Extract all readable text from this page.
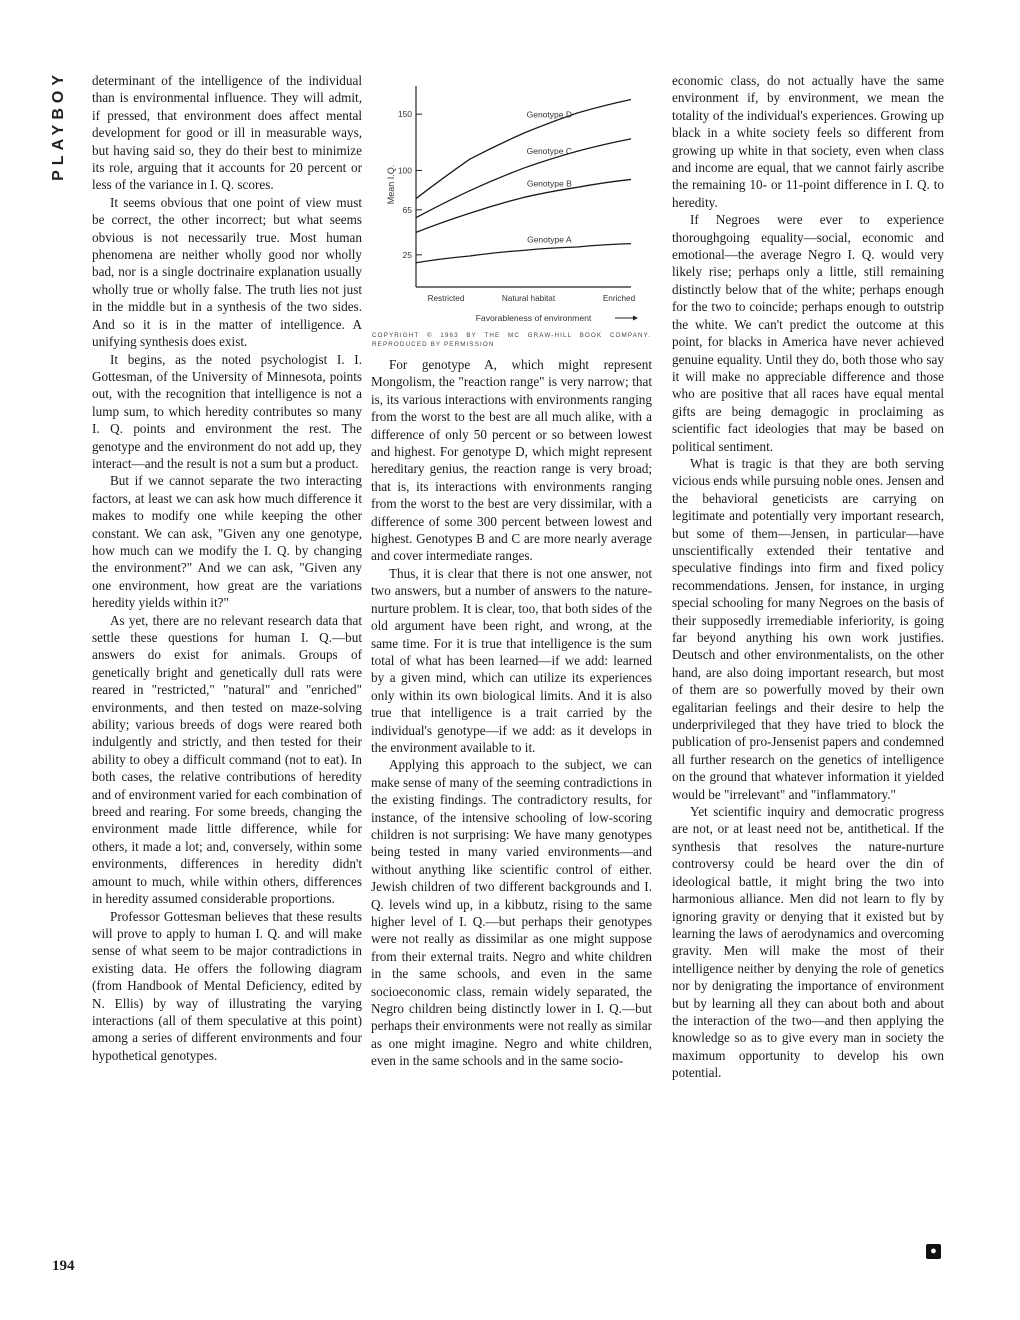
PLAYBOY
194

determinant of the intelligence of the individual than is environmental influence. They will admit, if pressed, that environment does affect mental development for good or ill in measurable ways, but having said so, they do their best to minimize its role, arguing that it accounts for 20 percent or less of the variance in I. Q. scores.

It seems obvious that one point of view must be correct, the other incorrect; but what seems obvious is not necessarily true. Most human phenomena are neither wholly good nor wholly bad, nor is a single doctrinaire explanation usually wholly true or wholly false. The truth lies not just in the middle but in a synthesis of the two sides. And so it is in the matter of intelligence. A unifying synthesis does exist.

It begins, as the noted psychologist I. I. Gottesman, of the University of Minnesota, points out, with the recognition that intelligence is not a lump sum, to which heredity contributes so many I. Q. points and environment the rest. The genotype and the environment do not add up, they interact—and the result is not a sum but a product.

But if we cannot separate the two interacting factors, at least we can ask how much difference it makes to modify one while keeping the other constant. We can ask, "Given any one genotype, how much can we modify the I. Q. by changing the environment?" And we can ask, "Given any one environment, how great are the variations heredity yields within it?"

As yet, there are no relevant research data that settle these questions for human I. Q.—but answers do exist for animals. Groups of genetically bright and genetically dull rats were reared in "restricted," "natural" and "enriched" environments, and then tested on maze-solving ability; various breeds of dogs were reared both indulgently and strictly, and then tested for their ability to obey a difficult command (not to eat). In both cases, the relative contributions of heredity and of environment varied for each combination of breed and rearing. For some breeds, changing the environment made little difference, while for others, it made a lot; and, conversely, within some environments, differences in heredity didn't amount to much, while within others, differences in heredity assumed considerable proportions.

Professor Gottesman believes that these results will prove to apply to human I. Q. and will make sense of what seem to be major contradictions in existing data. He offers the following diagram (from Handbook of Mental Deficiency, edited by N. Ellis) by way of illustrating the varying interactions (all of them speculative at this point) among a series of different environments and four hypothetical genotypes.

25
65
100
150
Mean I.Q.
Restricted	Natural habitat	Enriched
Favorableness of environment
Genotype D
Genotype C
Genotype B
Genotype A
COPYRIGHT © 1963 BY THE MC GRAW-HILL BOOK COMPANY. REPRODUCED BY PERMISSION

For genotype A, which might represent Mongolism, the "reaction range" is very narrow; that is, its various interactions with environments ranging from the worst to the best are all much alike, with a difference of only 50 percent or so between lowest and highest. For genotype D, which might represent hereditary genius, the reaction range is very broad; that is, its interactions with environments ranging from the worst to the best are very dissimilar, with a difference of some 300 percent between lowest and highest. Genotypes B and C are more nearly average and cover intermediate ranges.

Thus, it is clear that there is not one answer, not two answers, but a number of answers to the nature-nurture problem. It is clear, too, that both sides of the old argument have been right, and wrong, at the same time. For it is true that intelligence is the sum total of what has been learned—if we add: learned by a given mind, which can utilize its experiences only within its own biological limits. And it is also true that intelligence is a trait carried by the individual's genotype—if we add: as it develops in the environment available to it.

Applying this approach to the subject, we can make sense of many of the seeming contradictions in the existing findings. The contradictory results, for instance, of the intensive schooling of low-scoring children is not surprising: We have many genotypes being tested in many varied environments—and without anything like scientific control of either. Jewish children of two different backgrounds and I. Q. levels wind up, in a kibbutz, rising to the same higher level of I. Q.—but perhaps their genotypes were not really as dissimilar as one might suppose from their external traits. Negro and white children in the same schools, and even in the same socioeconomic class, remain widely separated, the Negro children being distinctly lower in I. Q.—but perhaps their environments were not really as similar as one might imagine. Negro and white children, even in the same schools and in the same socio-

economic class, do not actually have the same environment if, by environment, we mean the totality of the individual's experiences. Growing up black in a white society feels so different from growing up white in that society, even when class and income are equal, that we cannot fairly ascribe the remaining 10- or 11-point difference in I. Q. to heredity.

If Negroes were ever to experience thoroughgoing equality—social, economic and emotional—the average Negro I. Q. would very likely rise; perhaps only a little, still remaining distinctly below that of the white; perhaps enough for the two to coincide; perhaps enough to outstrip the white. We can't predict the outcome at this point, for blacks in America have never achieved genuine equality. Until they do, both those who say it will make no appreciable difference and those who are positive that all races have equal mental gifts are being demagogic in proclaiming as scientific fact ideologies that may be based on political sentiment.

What is tragic is that they are both serving vicious ends while pursuing noble ones. Jensen and the behavioral geneticists are carrying on legitimate and potentially very important research, but some of them—Jensen, in particular—have unscientifically extended their tentative and speculative findings into firm and fixed policy recommendations. Jensen, for instance, in urging special schooling for many Negroes on the basis of their supposedly irremediable inferiority, is going far beyond anything his own work justifies. Deutsch and other environmentalists, on the other hand, are also doing important research, but most of them are so powerfully moved by their own egalitarian feelings and their desire to help the underprivileged that they have tried to block the publication of pro-Jensenist papers and condemned all further research on the genetics of intelligence on the ground that whatever information it yielded would be "irrelevant" and "inflammatory."

Yet scientific inquiry and democratic progress are not, or at least need not be, antithetical. If the synthesis that resolves the nature-nurture controversy could be heard over the din of ideological battle, it might bring the two into harmonious alliance. Men did not learn to fly by ignoring gravity or denying that it existed but by learning the laws of aerodynamics and overcoming gravity. Men will make the most of their intelligence neither by denying the role of genetics nor by denigrating the importance of environment but by learning all they can about both and about the interaction of the two—and then applying the knowledge so as to give every man in society the maximum opportunity to develop his own potential.

●
